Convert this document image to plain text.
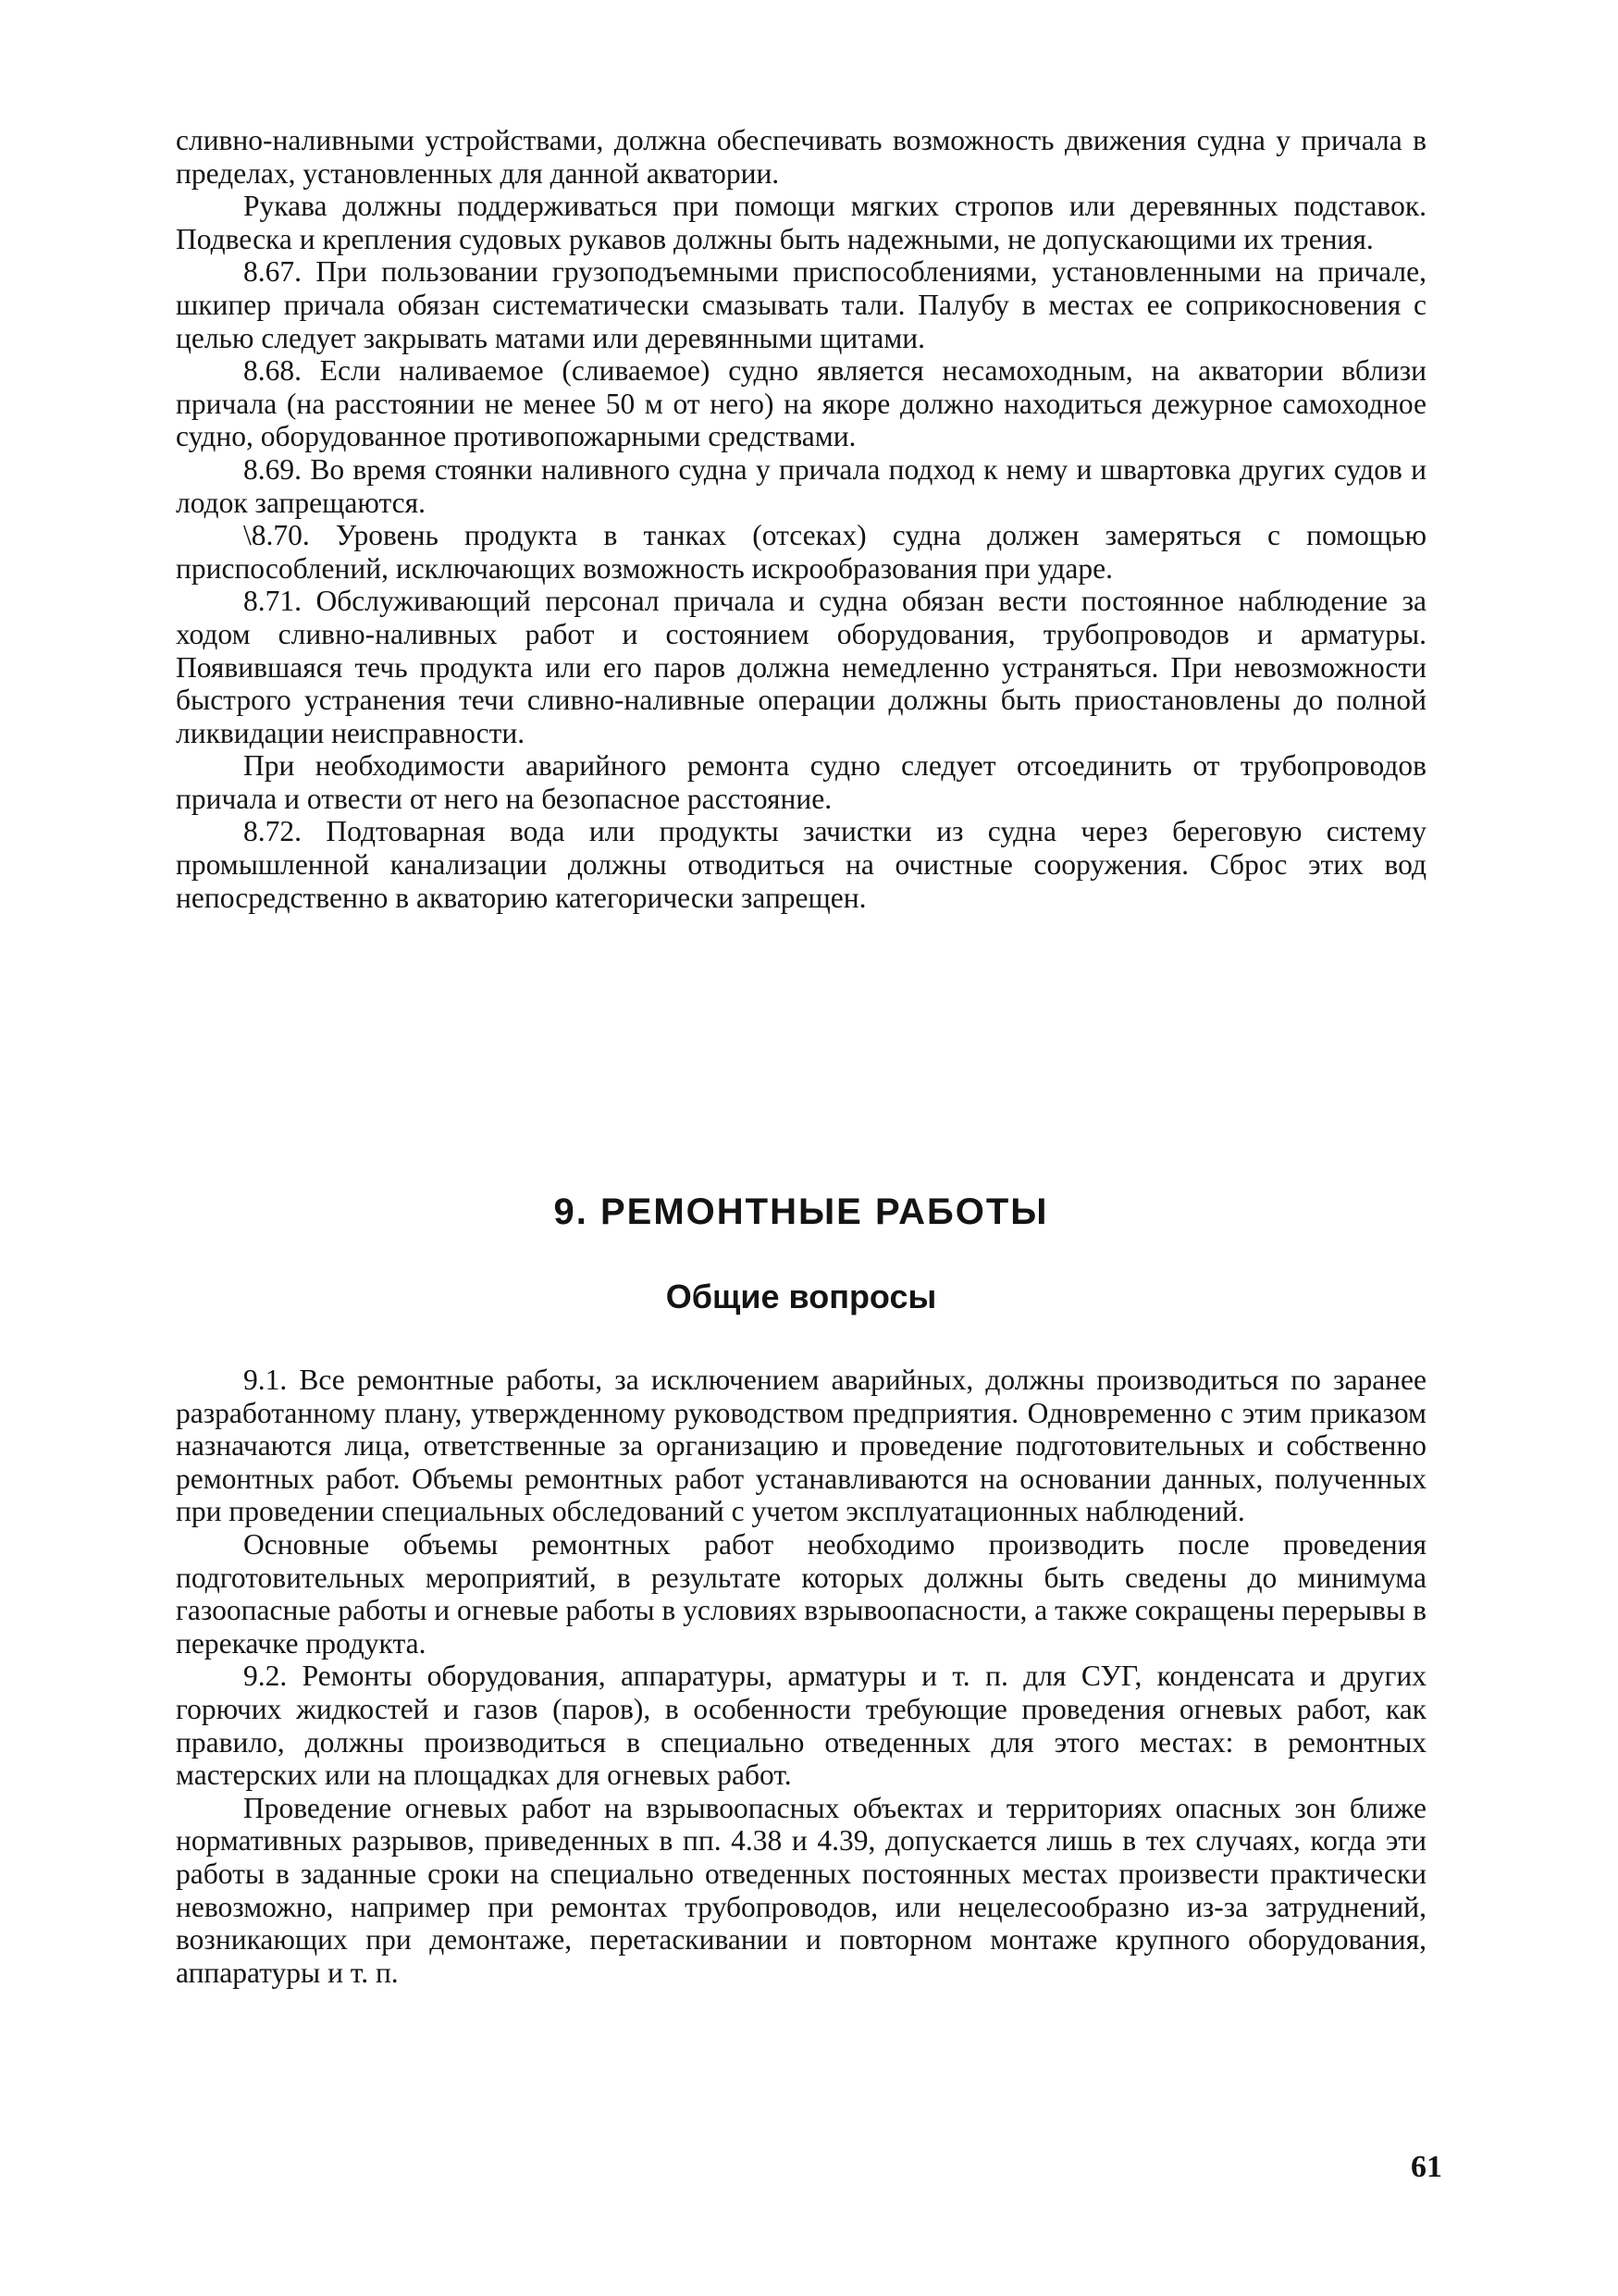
сливно-наливными устройствами, должна обеспечивать возможность движения судна у причала в пределах, установленных для данной акватории.

Рукава должны поддерживаться при помощи мягких стропов или деревянных подставок. Подвеска и крепления судовых рукавов должны быть надежными, не допускающими их трения.

8.67. При пользовании грузоподъемными приспособлениями, установленными на причале, шкипер причала обязан систематически смазывать тали. Палубу в местах ее соприкосновения с целью следует закрывать матами или деревянными щитами.

8.68. Если наливаемое (сливаемое) судно является несамоходным, на акватории вблизи причала (на расстоянии не менее 50 м от него) на якоре должно находиться дежурное самоходное судно, оборудованное противопожарными средствами.

8.69. Во время стоянки наливного судна у причала подход к нему и швартовка других судов и лодок запрещаются.

\8.70. Уровень продукта в танках (отсеках) судна должен замеряться с помощью приспособлений, исключающих возможность искрообразования при ударе.

8.71. Обслуживающий персонал причала и судна обязан вести постоянное наблюдение за ходом сливно-наливных работ и состоянием оборудования, трубопроводов и арматуры. Появившаяся течь продукта или его паров должна немедленно устраняться. При невозможности быстрого устранения течи сливно-наливные операции должны быть приостановлены до полной ликвидации неисправности.

При необходимости аварийного ремонта судно следует отсоединить от трубопроводов причала и отвести от него на безопасное расстояние.

8.72. Подтоварная вода или продукты зачистки из судна через береговую систему промышленной канализации должны отводиться на очистные сооружения. Сброс этих вод непосредственно в акваторию категорически запрещен.

9. РЕМОНТНЫЕ РАБОТЫ
Общие вопросы

9.1. Все ремонтные работы, за исключением аварийных, должны производиться по заранее разработанному плану, утвержденному руководством предприятия. Одновременно с этим приказом назначаются лица, ответственные за организацию и проведение подготовительных и собственно ремонтных работ. Объемы ремонтных работ устанавливаются на основании данных, полученных при проведении специальных обследований с учетом эксплуатационных наблюдений.

Основные объемы ремонтных работ необходимо производить после проведения подготовительных мероприятий, в результате которых должны быть сведены до минимума газоопасные работы и огневые работы в условиях взрывоопасности, а также сокращены перерывы в перекачке продукта.

9.2. Ремонты оборудования, аппаратуры, арматуры и т. п. для СУГ, конденсата и других горючих жидкостей и газов (паров), в особенности требующие проведения огневых работ, как правило, должны производиться в специально отведенных для этого местах: в ремонтных мастерских или на площадках для огневых работ.

Проведение огневых работ на взрывоопасных объектах и территориях опасных зон ближе нормативных разрывов, приведенных в пп. 4.38 и 4.39, допускается лишь в тех случаях, когда эти работы в заданные сроки на специально отведенных постоянных местах произвести практически невозможно, например при ремонтах трубопроводов, или нецелесообразно из-за затруднений, возникающих при демонтаже, перетаскивании и повторном монтаже крупного оборудования, аппаратуры и т. п.

61
